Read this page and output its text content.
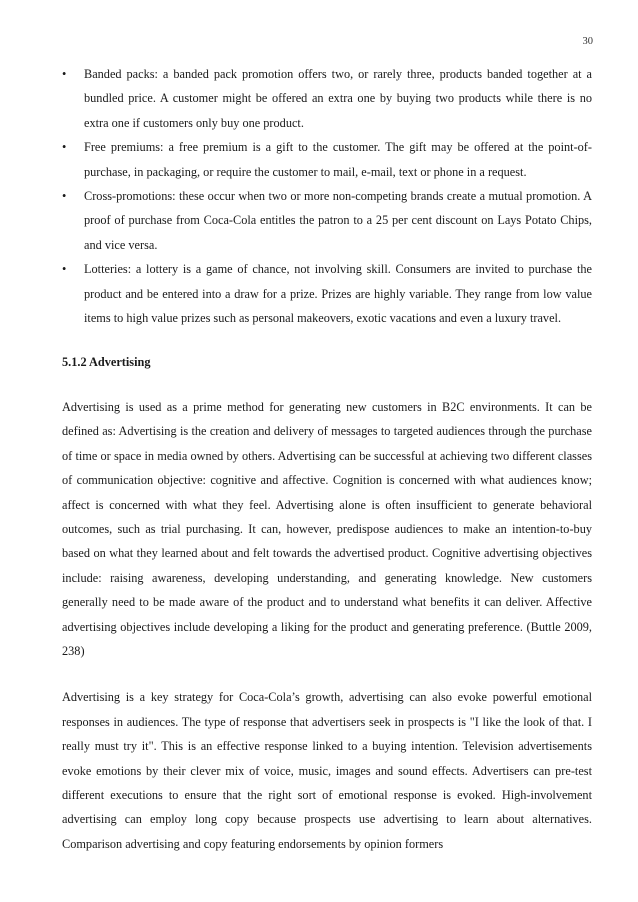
30
• Banded packs: a banded pack promotion offers two, or rarely three, products banded together at a bundled price. A customer might be offered an extra one by buying two products while there is no extra one if customers only buy one product.
• Free premiums: a free premium is a gift to the customer. The gift may be offered at the point-of-purchase, in packaging, or require the customer to mail, e-mail, text or phone in a request.
• Cross-promotions: these occur when two or more non-competing brands create a mutual promotion. A proof of purchase from Coca-Cola entitles the patron to a 25 per cent discount on Lays Potato Chips, and vice versa.
• Lotteries: a lottery is a game of chance, not involving skill. Consumers are invited to purchase the product and be entered into a draw for a prize. Prizes are highly variable. They range from low value items to high value prizes such as personal makeovers, exotic vacations and even a luxury travel.
5.1.2 Advertising

Advertising is used as a prime method for generating new customers in B2C environments. It can be defined as: Advertising is the creation and delivery of messages to targeted audiences through the purchase of time or space in media owned by others. Advertising can be successful at achieving two different classes of communication objective: cognitive and affective. Cognition is concerned with what audiences know; affect is concerned with what they feel. Advertising alone is often insufficient to generate behavioral outcomes, such as trial purchasing. It can, however, predispose audiences to make an intention-to-buy based on what they learned about and felt towards the advertised product. Cognitive advertising objectives include: raising awareness, developing understanding, and generating knowledge. New customers generally need to be made aware of the product and to understand what benefits it can deliver. Affective advertising objectives include developing a liking for the product and generating preference. (Buttle 2009, 238)

Advertising is a key strategy for Coca-Cola’s growth, advertising can also evoke powerful emotional responses in audiences. The type of response that advertisers seek in prospects is "I like the look of that. I really must try it". This is an effective response linked to a buying intention. Television advertisements evoke emotions by their clever mix of voice, music, images and sound effects. Advertisers can pre-test different executions to ensure that the right sort of emotional response is evoked. High-involvement advertising can employ long copy because prospects use advertising to learn about alternatives. Comparison advertising and copy featuring endorsements by opinion formers
